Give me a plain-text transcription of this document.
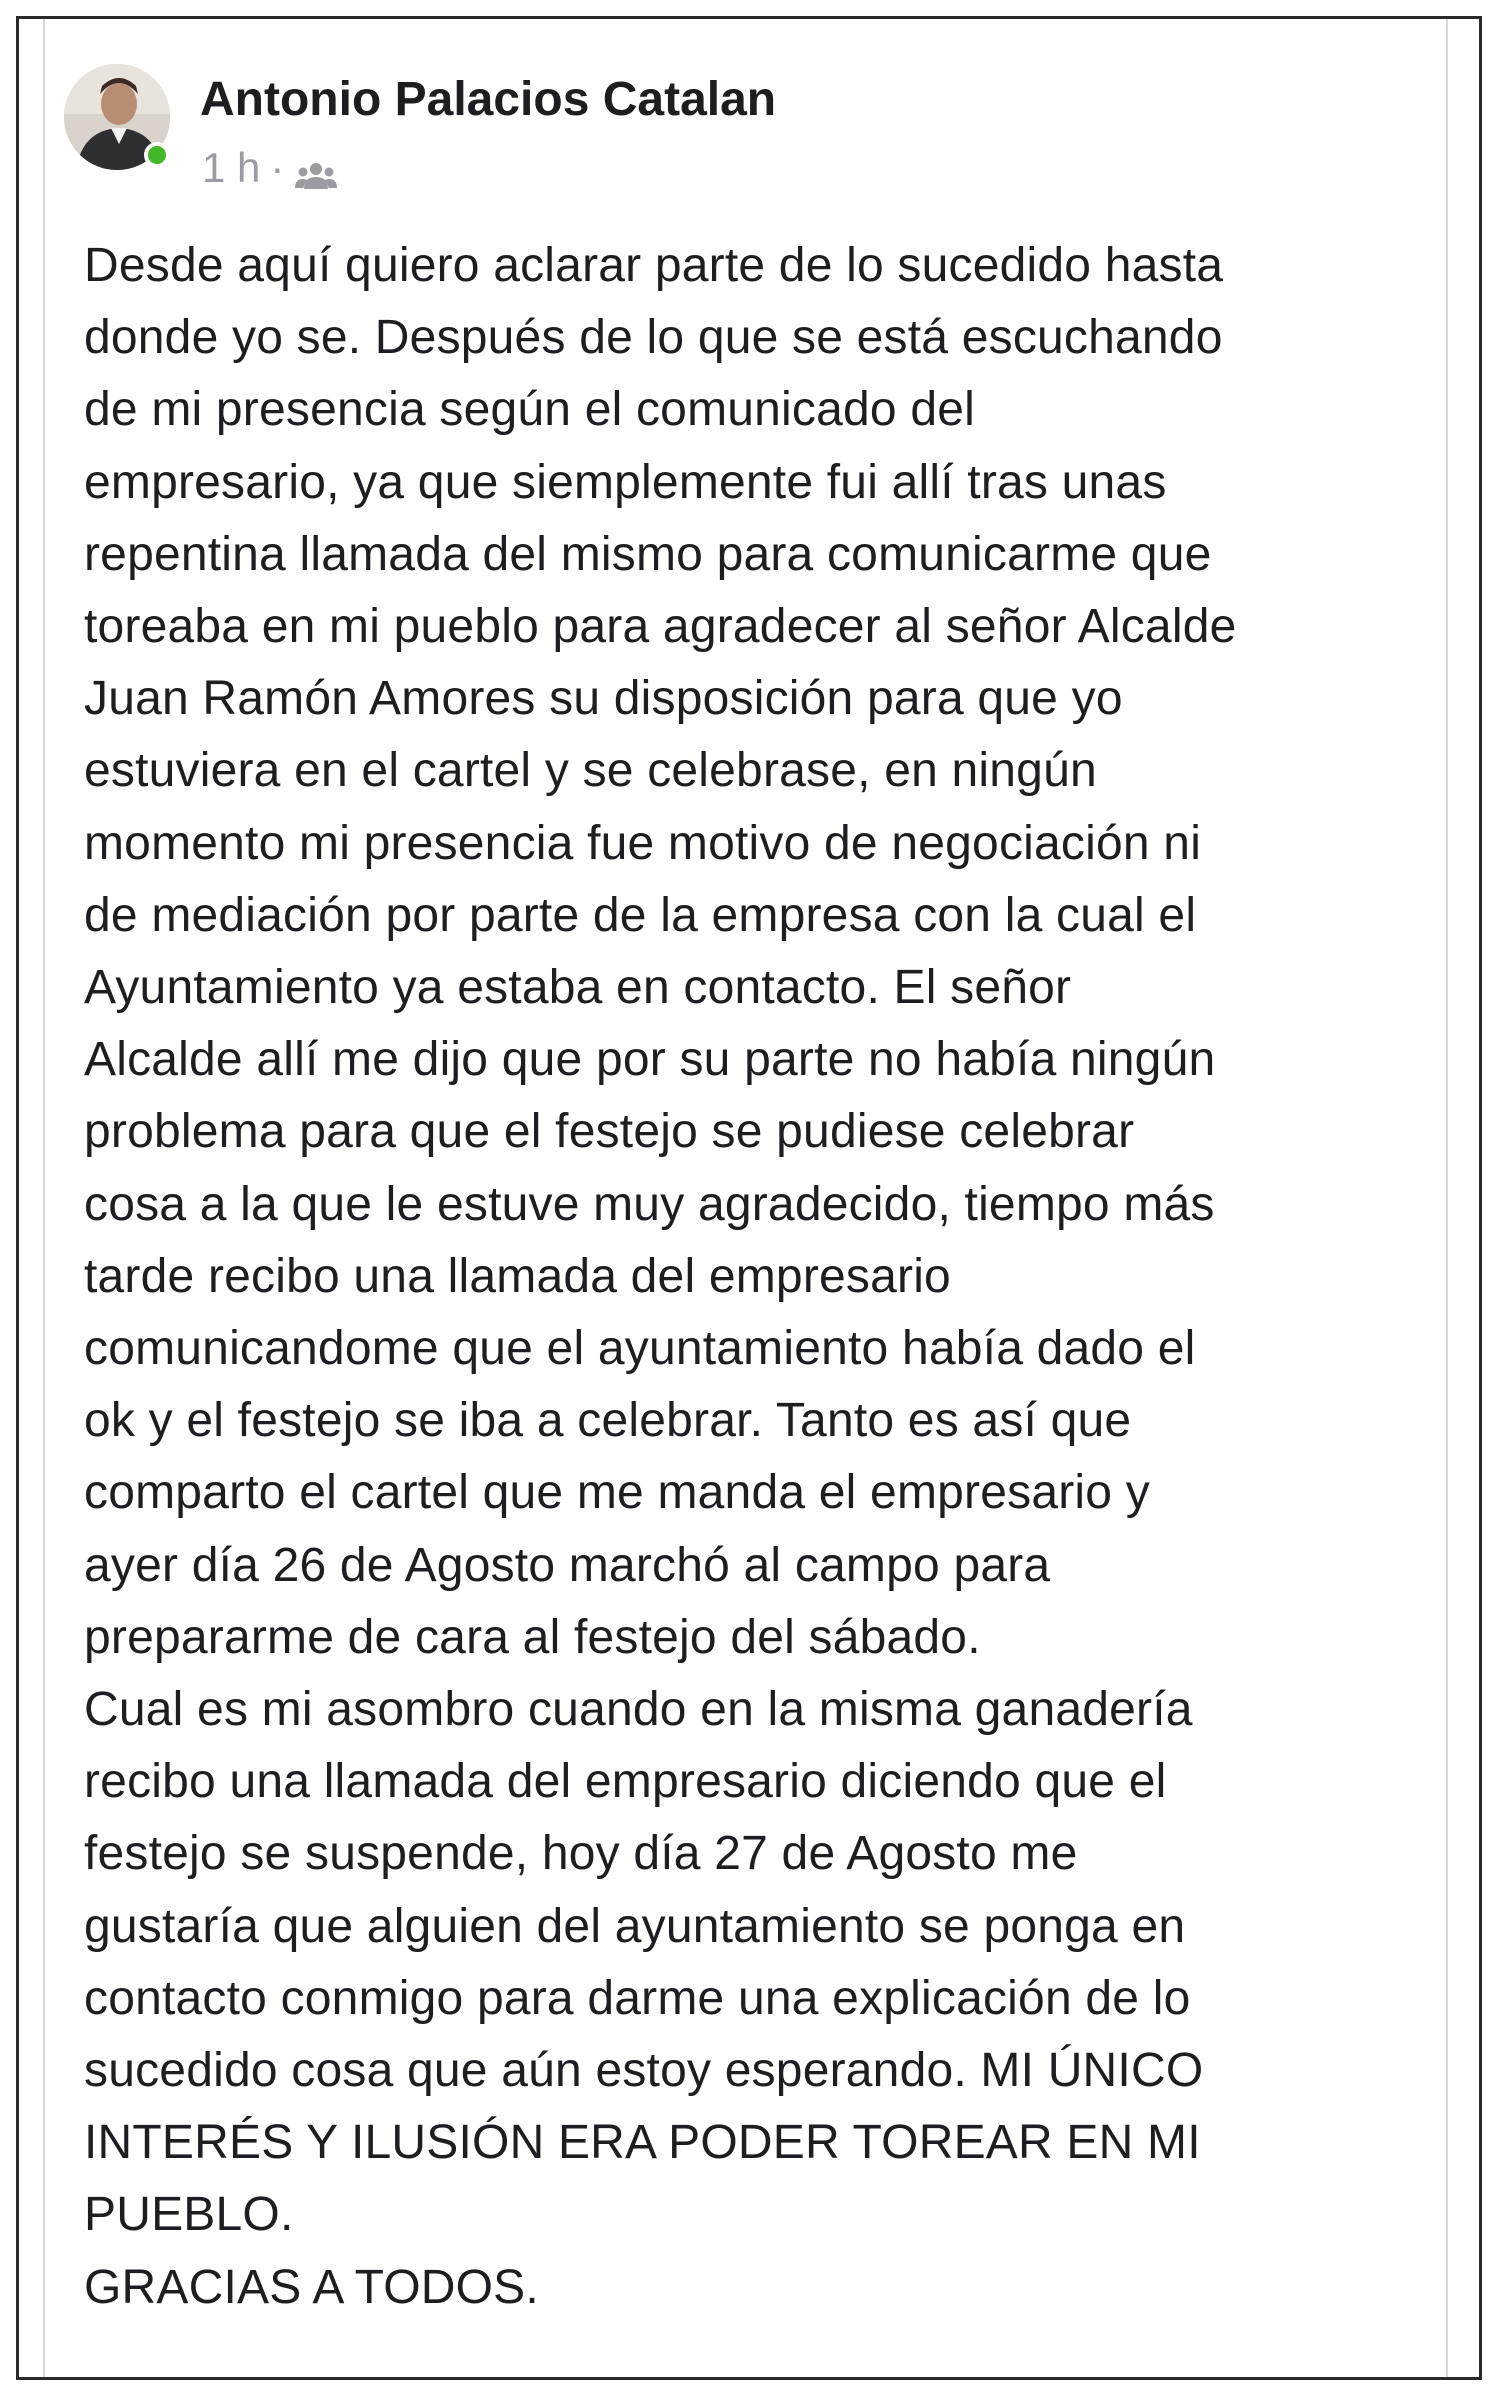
Antonio Palacios Catalan
1 h ·
Desde aquí quiero aclarar parte de lo sucedido hasta
donde yo se. Después de lo que se está escuchando
de mi presencia según el comunicado del
empresario, ya que siemplemente fui allí tras unas
repentina llamada del mismo para comunicarme que
toreaba en mi pueblo para agradecer al señor Alcalde
Juan Ramón Amores su disposición para que yo
estuviera en el cartel y se celebrase, en ningún
momento mi presencia fue motivo de negociación ni
de mediación por parte de la empresa con la cual el
Ayuntamiento ya estaba en contacto. El señor
Alcalde allí me dijo que por su parte no había ningún
problema para que el festejo se pudiese celebrar
cosa a la que le estuve muy agradecido, tiempo más
tarde recibo una llamada del empresario
comunicandome que el ayuntamiento había dado el
ok y el festejo se iba a celebrar. Tanto es así que
comparto el cartel que me manda el empresario y
ayer día 26 de Agosto marchó al campo para
prepararme de cara al festejo del sábado.
Cual es mi asombro cuando en la misma ganadería
recibo una llamada del empresario diciendo que el
festejo se suspende, hoy día 27 de Agosto me
gustaría que alguien del ayuntamiento se ponga en
contacto conmigo para darme una explicación de lo
sucedido cosa que aún estoy esperando. MI ÚNICO
INTERÉS Y ILUSIÓN ERA PODER TOREAR EN MI
PUEBLO.
GRACIAS A TODOS.
